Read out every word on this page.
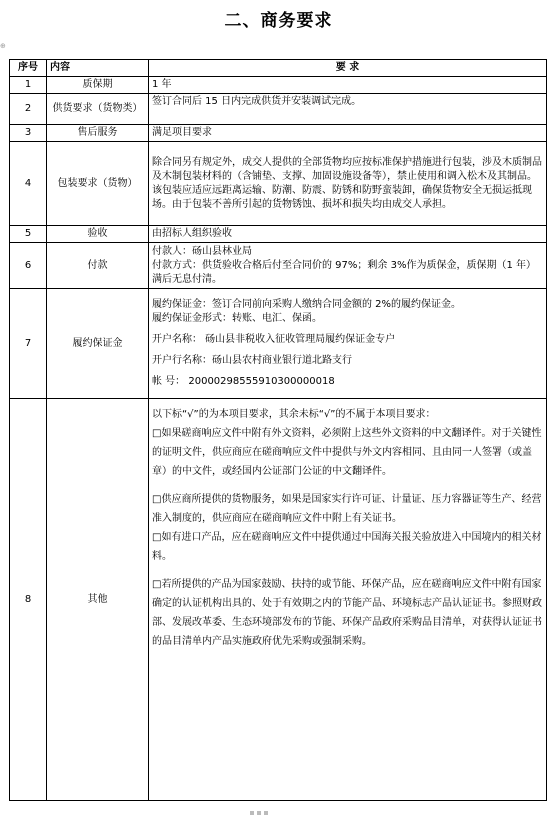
二、商务要求
⊕
序号	内容	要 求
1	质保期	1 年
2	供货要求（货物类）	签订合同后 15 日内完成供货并安装调试完成。
3	售后服务	满足项目要求
4	包装要求（货物）	除合同另有规定外，成交人提供的全部货物均应按标准保护措施进行包装，涉及木质制品及木制包装材料的（含铺垫、支撑、加固设施设备等），禁止使用和调入松木及其制品。该包装应适应远距离运输、防潮、防震、防锈和防野蛮装卸，确保货物安全无损运抵现场。由于包装不善所引起的货物锈蚀、损坏和损失均由成交人承担。
5	验收	由招标人组织验收
6	付款	付款人：砀山县林业局
付款方式：供货验收合格后付至合同价的 97%；剩余 3%作为质保金，质保期（1 年）满后无息付清。

7	履约保证金	履约保证金：签订合同前向采购人缴纳合同金额的 2%的履约保证金。

履约保证金形式：转账、电汇、保函。

开户名称： 砀山县非税收入征收管理局履约保证金专户

开户行名称：砀山县农村商业银行道北路支行

帐 号： 20000298555910300000018

8	其他	以下标“√”的为本项目要求，其余未标“√”的不属于本项目要求：

□如果磋商响应文件中附有外文资料，必须附上这些外文资料的中文翻译件。对于关键性的证明文件，供应商应在磋商响应文件中提供与外文内容相同、且由同一人签署（或盖章）的中文件，或经国内公证部门公证的中文翻译件。

□供应商所提供的货物服务，如果是国家实行许可证、计量证、压力容器证等生产、经营准入制度的，供应商应在磋商响应文件中附上有关证书。

□如有进口产品，应在磋商响应文件中提供通过中国海关报关验放进入中国境内的相关材料。

□若所提供的产品为国家鼓励、扶持的或节能、环保产品，应在磋商响应文件中附有国家确定的认证机构出具的、处于有效期之内的节能产品、环境标志产品认证证书。参照财政部、发展改革委、生态环境部发布的节能、环保产品政府采购品目清单，对获得认证证书的品目清单内产品实施政府优先采购或强制采购。
